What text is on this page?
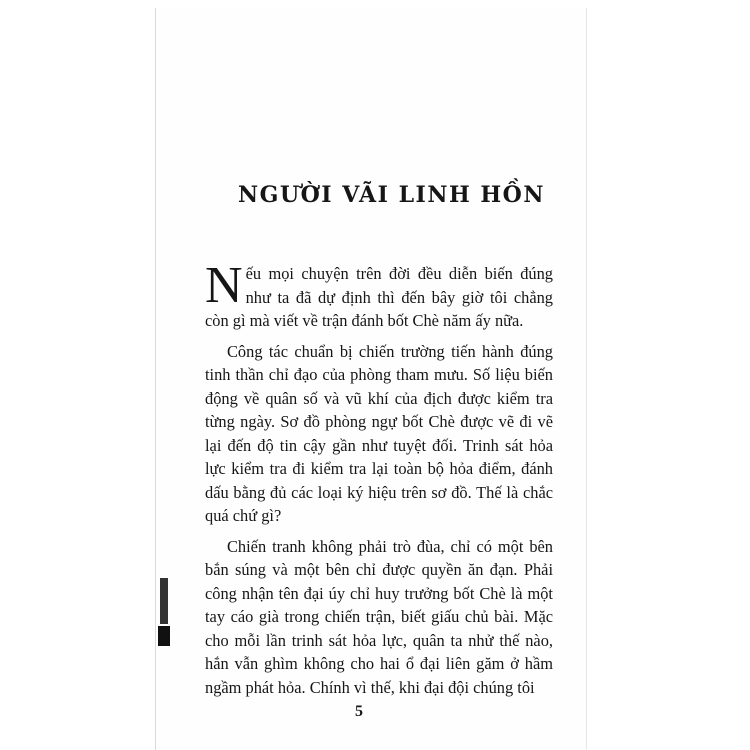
NGƯỜI VÃI LINH HỒN

Nếu mọi chuyện trên đời đều diễn biến đúng như ta đã dự định thì đến bây giờ tôi chẳng còn gì mà viết về trận đánh bốt Chè năm ấy nữa.

Công tác chuẩn bị chiến trường tiến hành đúng tinh thần chỉ đạo của phòng tham mưu. Số liệu biến động về quân số và vũ khí của địch được kiểm tra từng ngày. Sơ đồ phòng ngự bốt Chè được vẽ đi vẽ lại đến độ tin cậy gần như tuyệt đối. Trinh sát hỏa lực kiểm tra đi kiểm tra lại toàn bộ hỏa điểm, đánh dấu bằng đủ các loại ký hiệu trên sơ đồ. Thế là chắc quá chứ gì?

Chiến tranh không phải trò đùa, chỉ có một bên bắn súng và một bên chỉ được quyền ăn đạn. Phải công nhận tên đại úy chỉ huy trưởng bốt Chè là một tay cáo già trong chiến trận, biết giấu chủ bài. Mặc cho mỗi lần trinh sát hỏa lực, quân ta nhử thế nào, hắn vẫn ghìm không cho hai ổ đại liên găm ở hầm ngầm phát hỏa. Chính vì thế, khi đại đội chúng tôi

5
